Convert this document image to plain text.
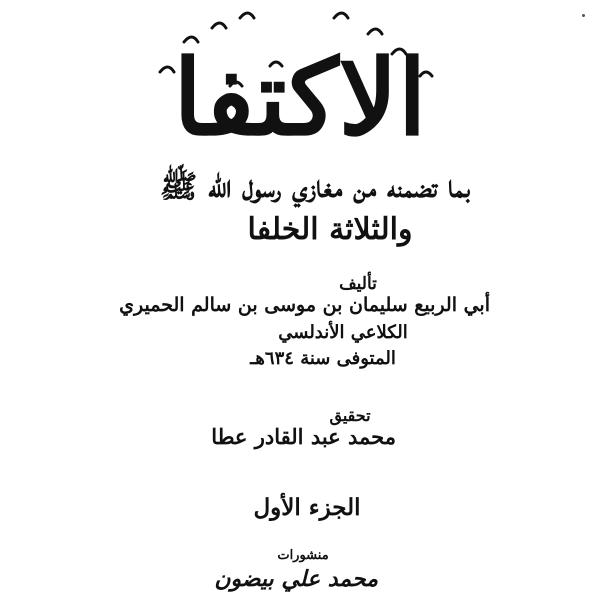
الاكتفا
بما تضمنه من مغازي رسول الله ﷺ
والثلاثة الخلفا
تأليف
أبي الربيع سليمان بن موسى بن سالم الحميري
الكلاعي الأندلسي
المتوفى سنة ٦٣٤هـ
تحقيق
محمد عبد القادر عطا
الجزء الأول
منشورات
محمد علي بيضون
